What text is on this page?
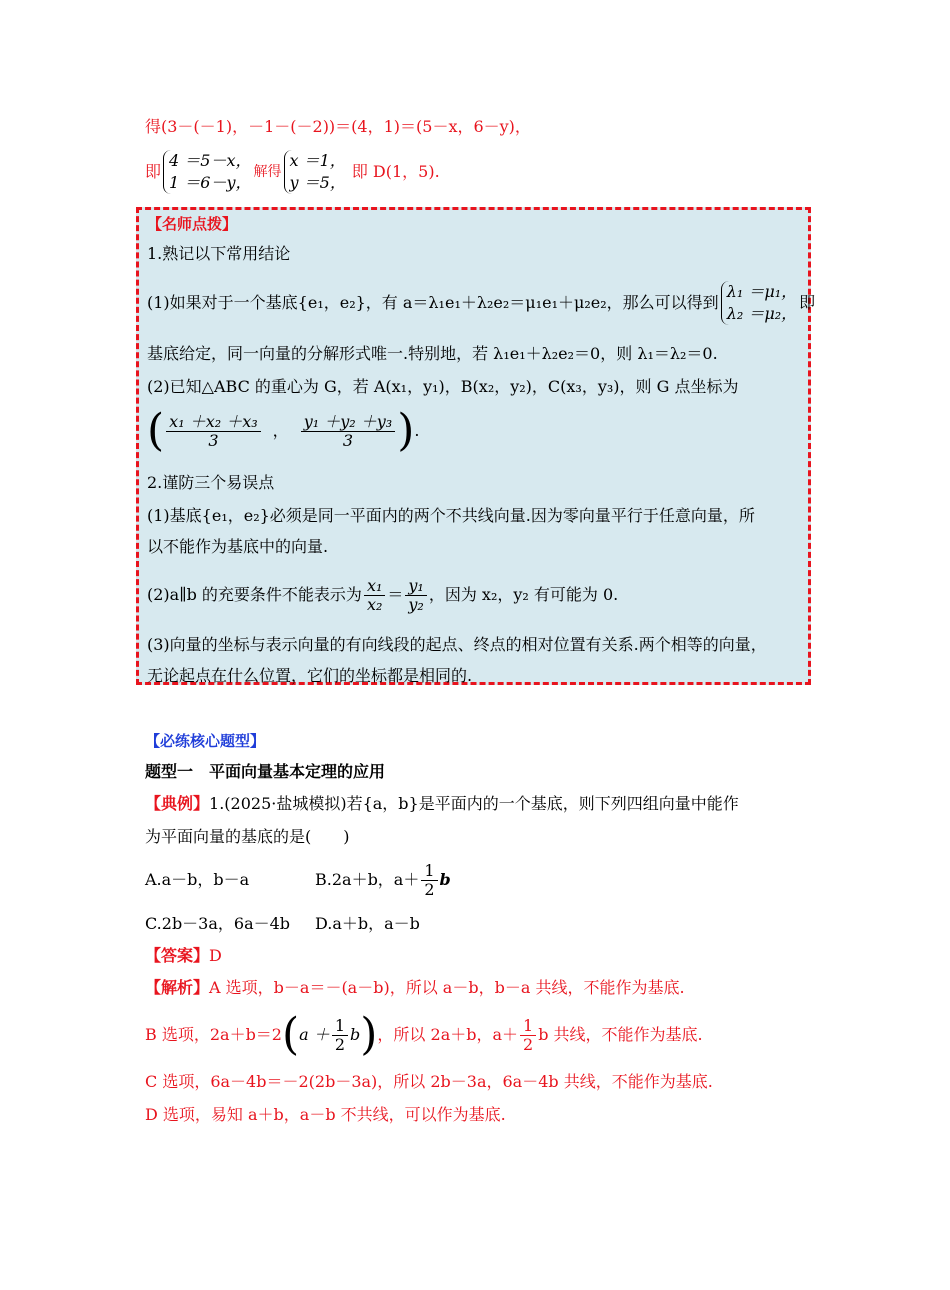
得(3－(－1)，－1－(－2))＝(4，1)＝(5－x，6－y)，
即
4 ＝5－x，
1 ＝6－y，
解得
x ＝1，
y ＝5，
即 D(1，5).
【名师点拨】
1.熟记以下常用结论
(1)如果对于一个基底{e₁，e₂}，有 a＝λ₁e₁＋λ₂e₂＝μ₁e₁＋μ₂e₂，那么可以得到
λ₁ ＝μ₁，
λ₂ ＝μ₂，
即
基底给定，同一向量的分解形式唯一.特别地，若 λ₁e₁＋λ₂e₂＝0，则 λ₁＝λ₂＝0.
(2)已知△ABC 的重心为 G，若 A(x₁，y₁)，B(x₂，y₂)，C(x₃，y₃)，则 G 点坐标为
( $\frac{\text{x₁ ＋x₂ ＋x₃}}{3}$ ， $\frac{\text{y₁ ＋y₂ ＋y₃}}{3}$ ) .
2.谨防三个易误点
(1)基底{e₁，e₂}必须是同一平面内的两个不共线向量.因为零向量平行于任意向量，所
以不能作为基底中的向量.
(2)a∥b 的充要条件不能表示为 $\frac{\text{x₁}}{\text{x₂}} = \frac{\text{y₁}}{\text{y₂}}$ ，因为 x₂，y₂ 有可能为 0.
(3)向量的坐标与表示向量的有向线段的起点、终点的相对位置有关系.两个相等的向量，
无论起点在什么位置，它们的坐标都是相同的.
【必练核心题型】
题型一　平面向量基本定理的应用
【典例】1.(2025·盐城模拟)若{a，b}是平面内的一个基底，则下列四组向量中能作
为平面向量的基底的是(　　)
A.a－b，b－a	B.2a＋b，$a+ \frac{1}{2}$ b
C.2b－3a，6a－4b D.a＋b，a－b
【答案】D
【解析】A 选项，b－a＝－(a－b)，所以 a－b，b－a 共线，不能作为基底.
B 选项，2a＋b＝2 ( $a + \frac{1}{2}$ b ) ，所以 2a＋b，$a+ \frac{1}{2}$ b 共线，不能作为基底.
C 选项，6a－4b＝－2(2b－3a)，所以 2b－3a，6a－4b 共线，不能作为基底.
D 选项，易知 a＋b，a－b 不共线，可以作为基底.
